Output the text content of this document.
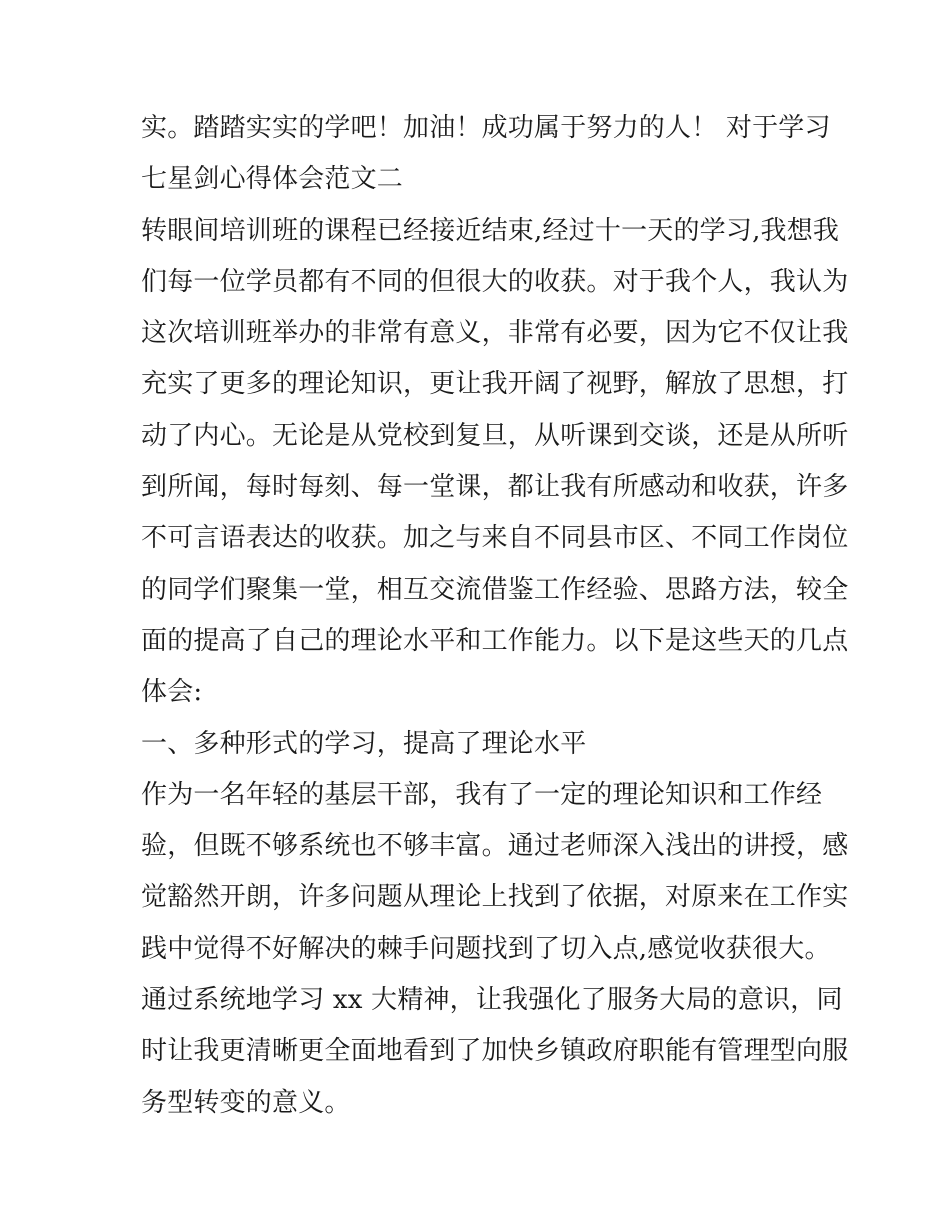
实。踏踏实实的学吧！加油！成功属于努力的人！ 对于学习
七星剑心得体会范文二
转眼间培训班的课程已经接近结束,经过十一天的学习,我想我
们每一位学员都有不同的但很大的收获。对于我个人，我认为
这次培训班举办的非常有意义，非常有必要，因为它不仅让我
充实了更多的理论知识，更让我开阔了视野，解放了思想，打
动了内心。无论是从党校到复旦，从听课到交谈，还是从所听
到所闻，每时每刻、每一堂课，都让我有所感动和收获，许多
不可言语表达的收获。加之与来自不同县市区、不同工作岗位
的同学们聚集一堂，相互交流借鉴工作经验、思路方法，较全
面的提高了自己的理论水平和工作能力。以下是这些天的几点
体会:
一、多种形式的学习，提高了理论水平
作为一名年轻的基层干部，我有了一定的理论知识和工作经
验，但既不够系统也不够丰富。通过老师深入浅出的讲授，感
觉豁然开朗，许多问题从理论上找到了依据，对原来在工作实
践中觉得不好解决的棘手问题找到了切入点,感觉收获很大。
通过系统地学习 xx 大精神，让我强化了服务大局的意识，同
时让我更清晰更全面地看到了加快乡镇政府职能有管理型向服
务型转变的意义。
